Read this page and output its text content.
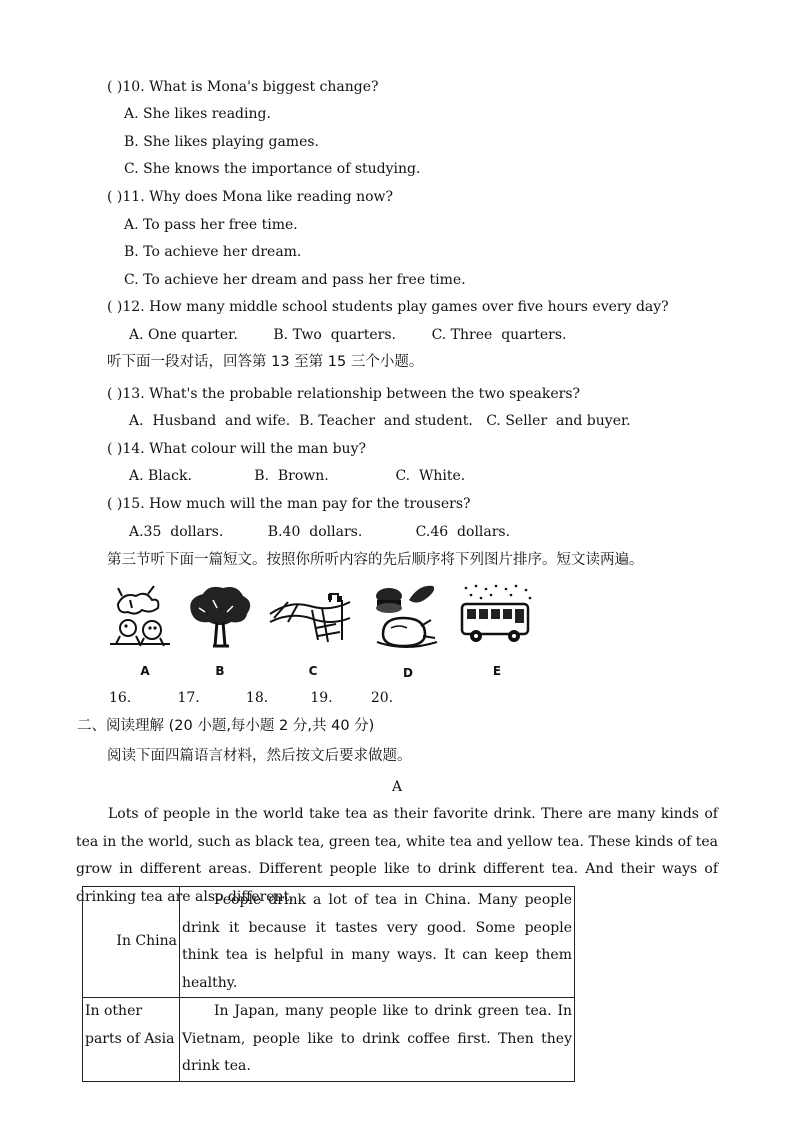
( )10. What is Mona's biggest change?
A. She likes reading.
B. She likes playing games.
C. She knows the importance of studying.
( )11. Why does Mona like reading now?
A. To pass her free time.
B. To achieve her dream.
C. To achieve her dream and pass her free time.
( )12. How many middle school students play games over five hours every day?
A. One quarter.        B. Two  quarters.        C. Three  quarters.
听下面一段对话，回答第 13 至第 15 三个小题。
( )13. What's the probable relationship between the two speakers?
A.  Husband  and wife.  B. Teacher  and student.   C. Seller  and buyer.
( )14. What colour will the man buy?
A. Black.              B.  Brown.               C.  White.
( )15. How much will the man pay for the trousers?
A.35  dollars.          B.40  dollars.            C.46  dollars.
第三节听下面一篇短文。按照你所听内容的先后顺序将下列图片排序。短文读两遍。
A	B	C	D	E
16.	17.	18.	19.	20.
二、阅读理解 (20 小题,每小题 2 分,共 40 分)
阅读下面四篇语言材料，然后按文后要求做题。
A
Lots of people in the world take tea as their favorite drink. There are many kinds of tea in the world, such as black tea, green tea, white tea and yellow tea. These kinds of tea grow in different areas. Different people like to drink different tea. And their ways of drinking tea are also different.
In China	People drink a lot of tea in China. Many people drink it because it tastes very good. Some people think tea is helpful in many ways. It can keep them healthy.
In other parts of Asia	In Japan, many people like to drink green tea. In Vietnam, people like to drink coffee first. Then they drink tea.
